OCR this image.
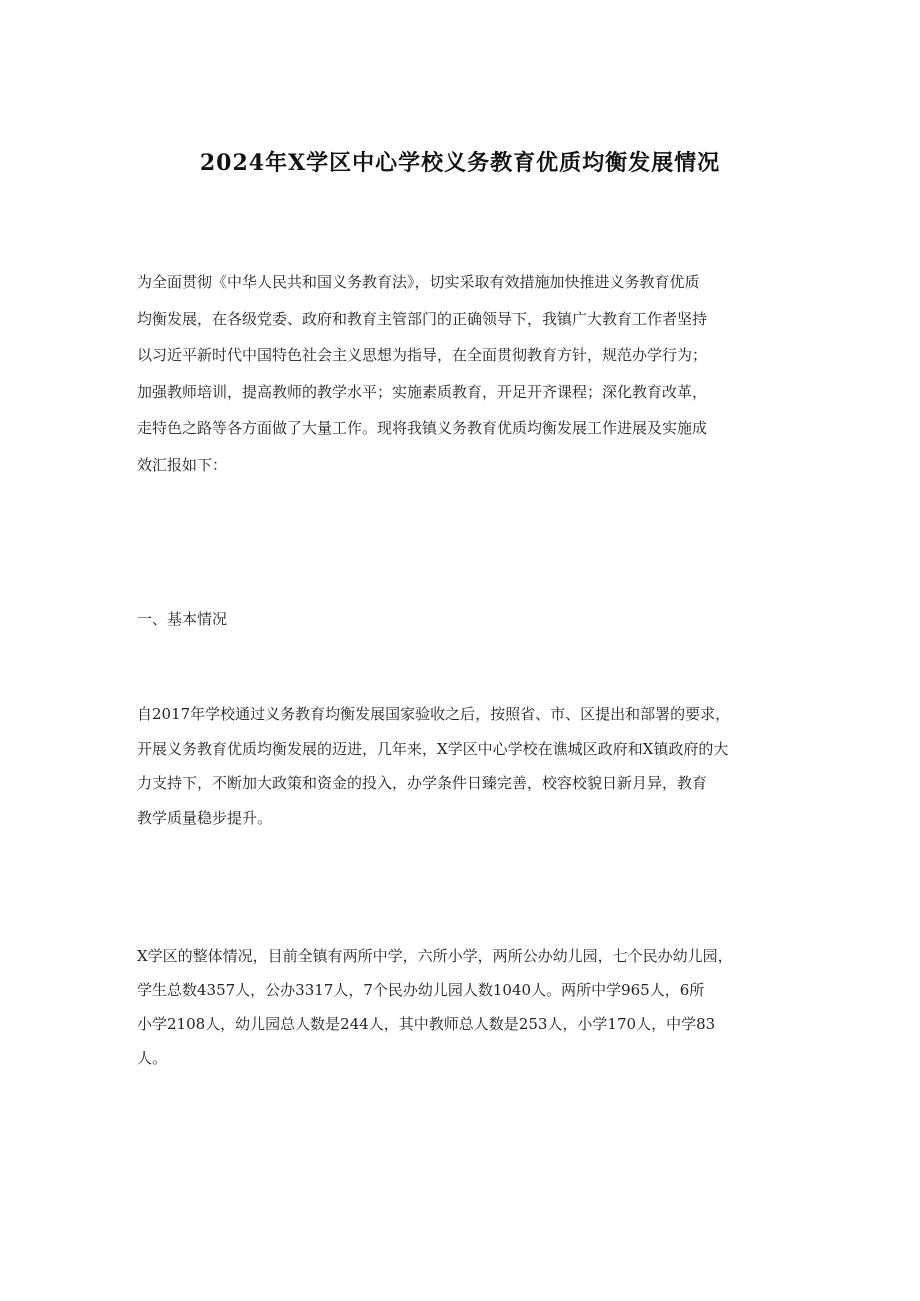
2024年X学区中心学校义务教育优质均衡发展情况
为全面贯彻《中华人民共和国义务教育法》，切实采取有效措施加快推进义务教育优质
均衡发展，在各级党委、政府和教育主管部门的正确领导下，我镇广大教育工作者坚持
以习近平新时代中国特色社会主义思想为指导，在全面贯彻教育方针，规范办学行为；
加强教师培训，提高教师的教学水平；实施素质教育，开足开齐课程；深化教育改革，
走特色之路等各方面做了大量工作。现将我镇义务教育优质均衡发展工作进展及实施成
效汇报如下：
一、基本情况
自2017年学校通过义务教育均衡发展国家验收之后，按照省、市、区提出和部署的要求，
开展义务教育优质均衡发展的迈进，几年来，X学区中心学校在谯城区政府和X镇政府的大
力支持下，不断加大政策和资金的投入，办学条件日臻完善，校容校貌日新月异，教育
教学质量稳步提升。
X学区的整体情况，目前全镇有两所中学，六所小学，两所公办幼儿园，七个民办幼儿园，
学生总数4357人，公办3317人，7个民办幼儿园人数1040人。两所中学965人，6所
小学2108人，幼儿园总人数是244人，其中教师总人数是253人，小学170人，中学83
人。
